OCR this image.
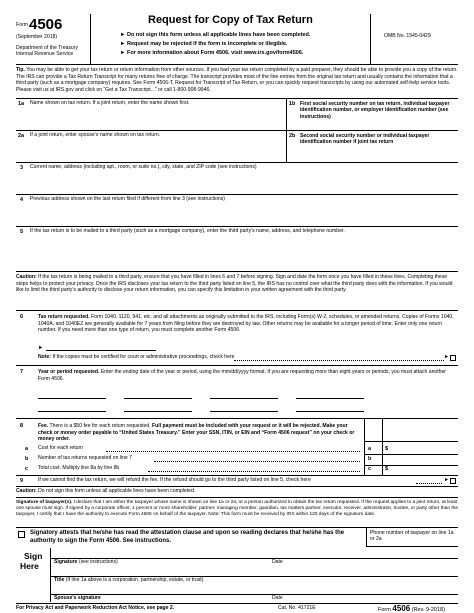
Form 4506
(September 2018)
Department of the Treasury
Internal Revenue Service
Request for Copy of Tax Return
► Do not sign this form unless all applicable lines have been completed.
► Request may be rejected if the form is incomplete or illegible.
► For more information about Form 4506, visit www.irs.gov/form4506.
OMB No. 1545-0429
Tip. You may be able to get your tax return or return information from other sources. If you had your tax return completed by a paid preparer, they should be able to provide you a copy of the return. The IRS can provide a Tax Return Transcript for many returns free of charge. The transcript provides most of the line entries from the original tax return and usually contains the information that a third party (such as a mortgage company) requires. See Form 4506-T, Request for Transcript of Tax Return, or you can quickly request transcripts by using our automated self-help service tools. Please visit us at IRS.gov and click on “Get a Tax Transcript...” or call 1-800-908-9946.
1a Name shown on tax return. If a joint return, enter the name shown first.	1b First social security number on tax return, individual taxpayer identification number, or employer identification number (see instructions)
2a If a joint return, enter spouse’s name shown on tax return.	2b Second social security number or individual taxpayer identification number if joint tax return
3 Current name, address (including apt., room, or suite no.), city, state, and ZIP code (see instructions)
4 Previous address shown on the last return filed if different from line 3 (see instructions)
5 If the tax return is to be mailed to a third party (such as a mortgage company), enter the third party’s name, address, and telephone number.
Caution: If the tax return is being mailed to a third party, ensure that you have filled in lines 6 and 7 before signing. Sign and date the form once you have filled in these lines. Completing these steps helps to protect your privacy. Once the IRS discloses your tax return to the third party listed on line 5, the IRS has no control over what the third party does with the information. If you would like to limit the third party’s authority to disclose your return information, you can specify this limitation in your written agreement with the third party.
6	Tax return requested. Form 1040, 1120, 941, etc. and all attachments as originally submitted to the IRS, including Form(s) W-2, schedules, or amended returns. Copies of Forms 1040, 1040A, and 1040EZ are generally available for 7 years from filing before they are destroyed by law. Other returns may be available for a longer period of time. Enter only one return number. If you need more than one type of return, you must complete another Form 4506.
►
Note: If the copies must be certified for court or administrative proceedings, check here	►
7	Year or period requested. Enter the ending date of the year or period, using the mm/dd/yyyy format. If you are requesting more than eight years or periods, you must attach another Form 4506.
8	Fee. There is a $50 fee for each return requested. Full payment must be included with your request or it will be rejected. Make your check or money order payable to “United States Treasury.” Enter your SSN, ITIN, or EIN and “Form 4506 request” on your check or money order.
a Cost for each return	a	$
b Number of tax returns requested on line 7	b
c Total cost. Multiply line 8a by line 8b	c	$
9	If we cannot find the tax return, we will refund the fee. If the refund should go to the third party listed on line 5, check here	►
Caution: Do not sign this form unless all applicable lines have been completed.
Signature of taxpayer(s). I declare that I am either the taxpayer whose name is shown on line 1a or 2a, or a person authorized to obtain the tax return requested. If the request applies to a joint return, at least one spouse must sign. If signed by a corporate officer, 1 percent or more shareholder, partner, managing member, guardian, tax matters partner, executor, receiver, administrator, trustee, or party other than the taxpayer, I certify that I have the authority to execute Form 4506 on behalf of the taxpayer. Note: This form must be received by IRS within 120 days of the signature date.
Signatory attests that he/she has read the attestation clause and upon so reading declares that he/she has the authority to sign the Form 4506. See instructions.
Phone number of taxpayer on line 1a or 2a
Sign
Here	Signature (see instructions)	Date
Title (if line 1a above is a corporation, partnership, estate, or trust)
Spouse’s signature	Date
For Privacy Act and Paperwork Reduction Act Notice, see page 2.	Cat. No. 41721E	Form 4506 (Rev. 9-2018)
